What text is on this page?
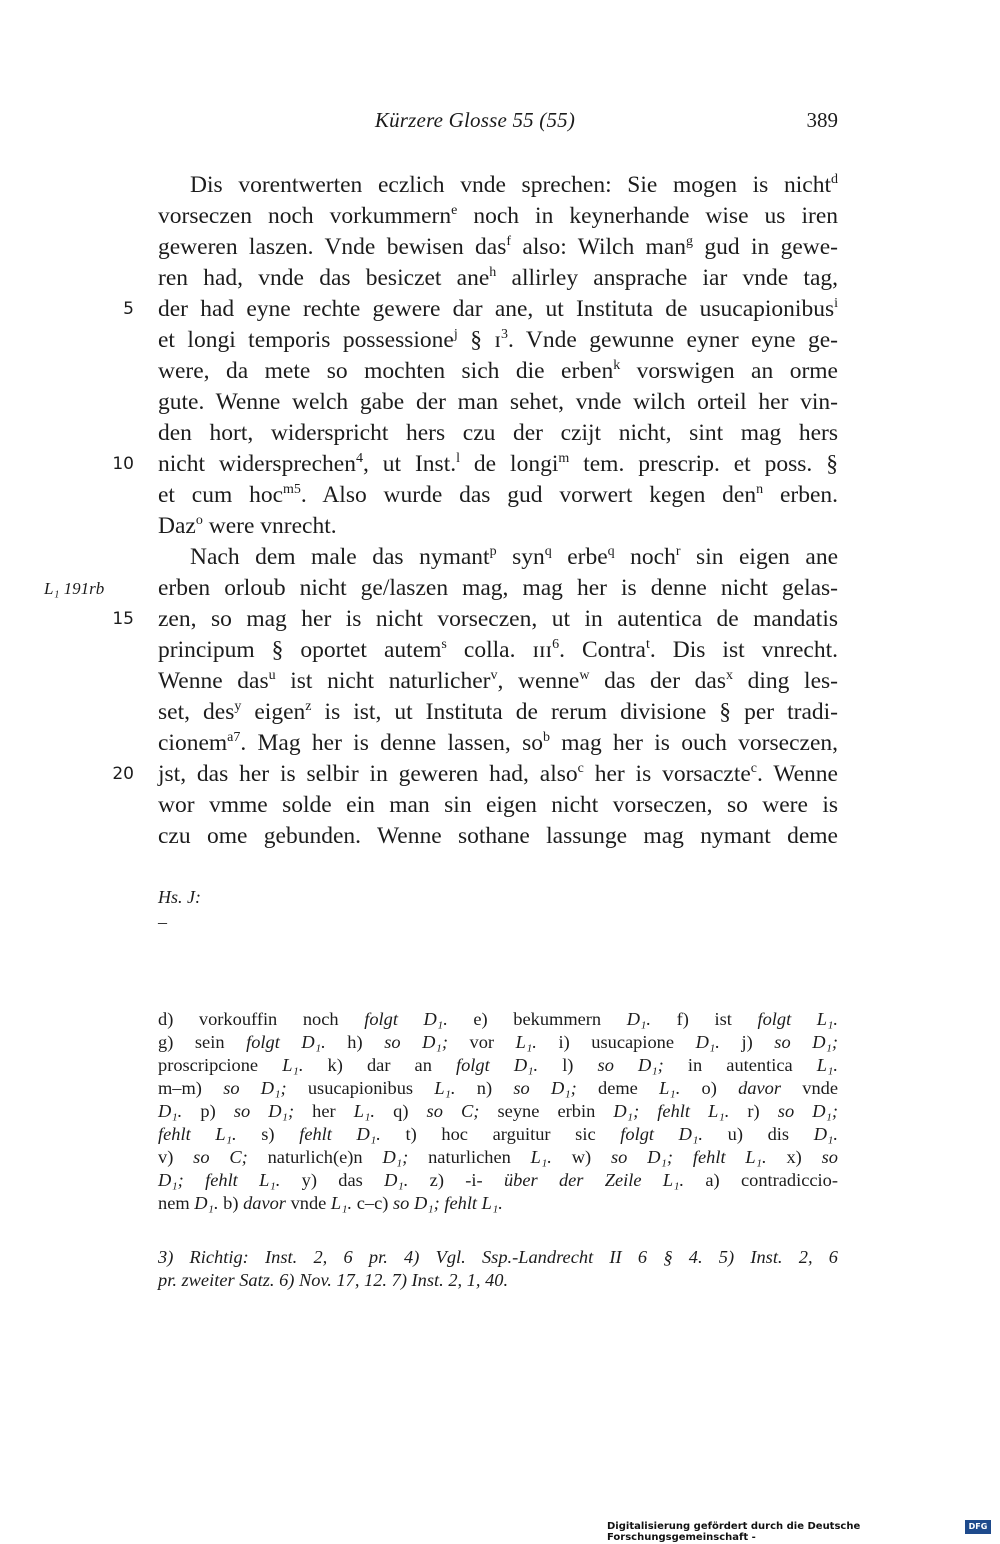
Kürzere Glosse 55 (55)	389
Dis vorentwerten eczlich vnde sprechen: Sie mogen is nicht$^d$
vorseczen noch vorkummern$^e$ noch in keynerhande wise us iren
geweren laszen. Vnde bewisen das$^f$ also: Wilch man$^g$ gud in gewe-
ren had, vnde das besiczet ane$^h$ allirley ansprache iar vnde tag,
5 der had eyne rechte gewere dar ane, ut Instituta de usucapionibus$^i$
et longi temporis possessione$^j$ § ɪ$^3$. Vnde gewunne eyner eyne ge-
were, da mete so mochten sich die erben$^k$ vorswigen an orme
gute. Wenne welch gabe der man sehet, vnde wilch orteil her vin-
den hort, widerspricht hers czu der czijt nicht, sint mag hers
10 nicht widersprechen$^4$, ut Inst.$^l$ de longi$^m$ tem. prescrip. et poss. §
et cum hoc$^{m5}$. Also wurde das gud vorwert kegen den$^n$ erben.
Daz$^o$ were vnrecht.
Nach dem male das nymant$^p$ syn$^q$ erbe$^q$ noch$^r$ sin eigen ane
L₁ 191rb	erben orloub nicht ge/laszen mag, mag her is denne nicht gelas-
15 zen, so mag her is nicht vorseczen, ut in autentica de mandatis
principum § oportet autem$^s$ colla. ɪɪɪ$^6$. Contra$^t$. Dis ist vnrecht.
Wenne das$^u$ ist nicht naturlicher$^v$, wenne$^w$ das der das$^x$ ding les-
set, des$^y$ eigen$^z$ is ist, ut Instituta de rerum divisione § per tradi-
cionem$^{a7}$. Mag her is denne lassen, $so^b$ mag her is ouch vorseczen,
20 jst, das her is selbir in geweren had, also$^c$ her is vorsaczte$^c$. Wenne
wor vmme solde ein man sin eigen nicht vorseczen, so were is
czu ome gebunden. Wenne sothane lassunge mag nymant deme
Hs. J:
–
d) vorkouffin noch folgt D₁. e) bekummern D₁. f) ist folgt L₁.
g) sein folgt D₁. h) so D₁; vor L₁. i) usucapione D₁. j) so D₁;
proscripcione L₁. k) dar an folgt D₁. l) so D₁; in autentica L₁.
m–m) so D₁; usucapionibus L₁. n) so D₁; deme L₁. o) davor vnde
D₁. p) so D₁; her L₁. q) so C; seyne erbin D₁; fehlt L₁. r) so D₁;
fehlt L₁. s) fehlt D₁. t) hoc arguitur sic folgt D₁. u) dis D₁.
v) so C; naturlich(e)n D₁; naturlichen L₁. w) so D₁; fehlt L₁. x) so
D₁; fehlt L₁. y) das D₁. z) -i- über der Zeile L₁. a) contradiccio-
nem D₁. b) davor vnde L₁. c–c) so D₁; fehlt L₁.
3) Richtig: Inst. 2, 6 pr. 4) Vgl. Ssp.-Landrecht II 6 § 4. 5) Inst. 2, 6
pr. zweiter Satz. 6) Nov. 17, 12. 7) Inst. 2, 1, 40.
Digitalisierung gefördert durch die Deutsche Forschungsgemeinschaft -
DFG
